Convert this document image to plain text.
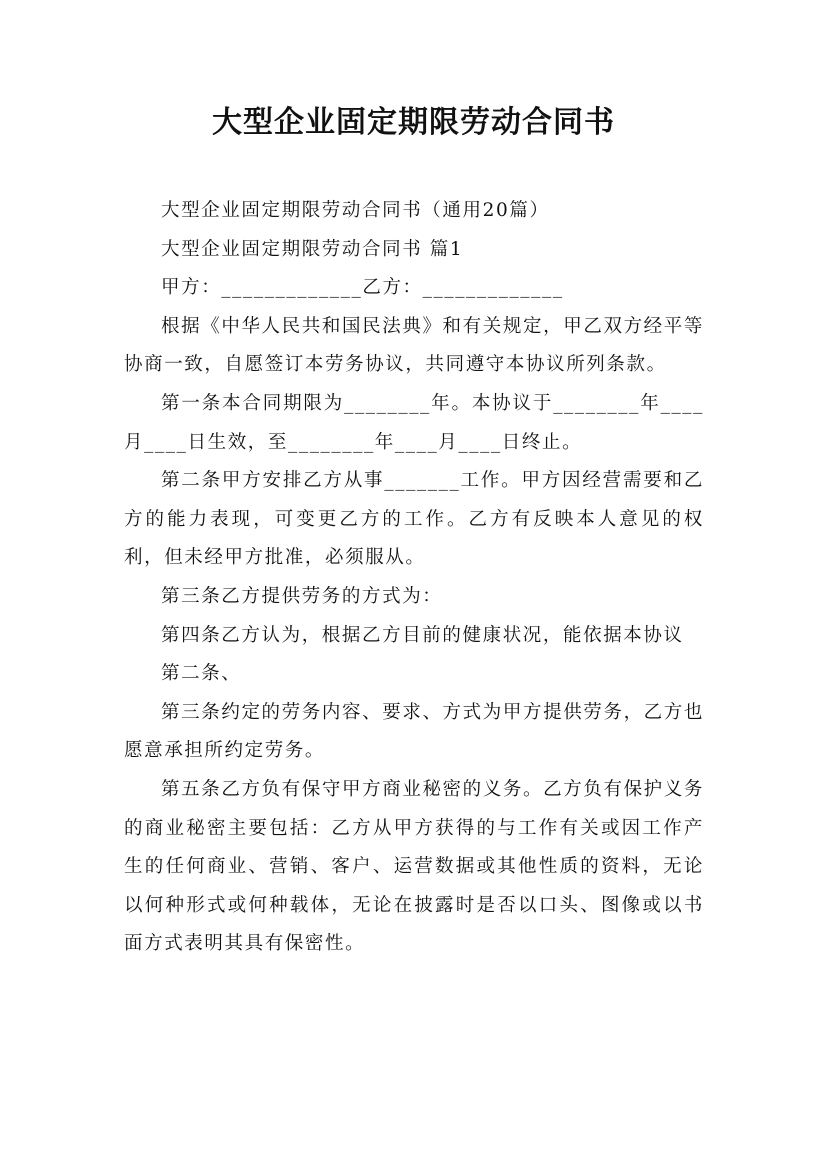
大型企业固定期限劳动合同书

大型企业固定期限劳动合同书（通用20篇）

大型企业固定期限劳动合同书 篇1

甲方：_____________乙方：_____________

根据《中华人民共和国民法典》和有关规定，甲乙双方经平等协商一致，自愿签订本劳务协议，共同遵守本协议所列条款。

第一条本合同期限为________年。本协议于________年____月____日生效，至________年____月____日终止。

第二条甲方安排乙方从事_______工作。甲方因经营需要和乙方的能力表现，可变更乙方的工作。乙方有反映本人意见的权利，但未经甲方批准，必须服从。

第三条乙方提供劳务的方式为：

第四条乙方认为，根据乙方目前的健康状况，能依据本协议

第二条、

第三条约定的劳务内容、要求、方式为甲方提供劳务，乙方也愿意承担所约定劳务。

第五条乙方负有保守甲方商业秘密的义务。乙方负有保护义务的商业秘密主要包括：乙方从甲方获得的与工作有关或因工作产生的任何商业、营销、客户、运营数据或其他性质的资料，无论以何种形式或何种载体，无论在披露时是否以口头、图像或以书面方式表明其具有保密性。
